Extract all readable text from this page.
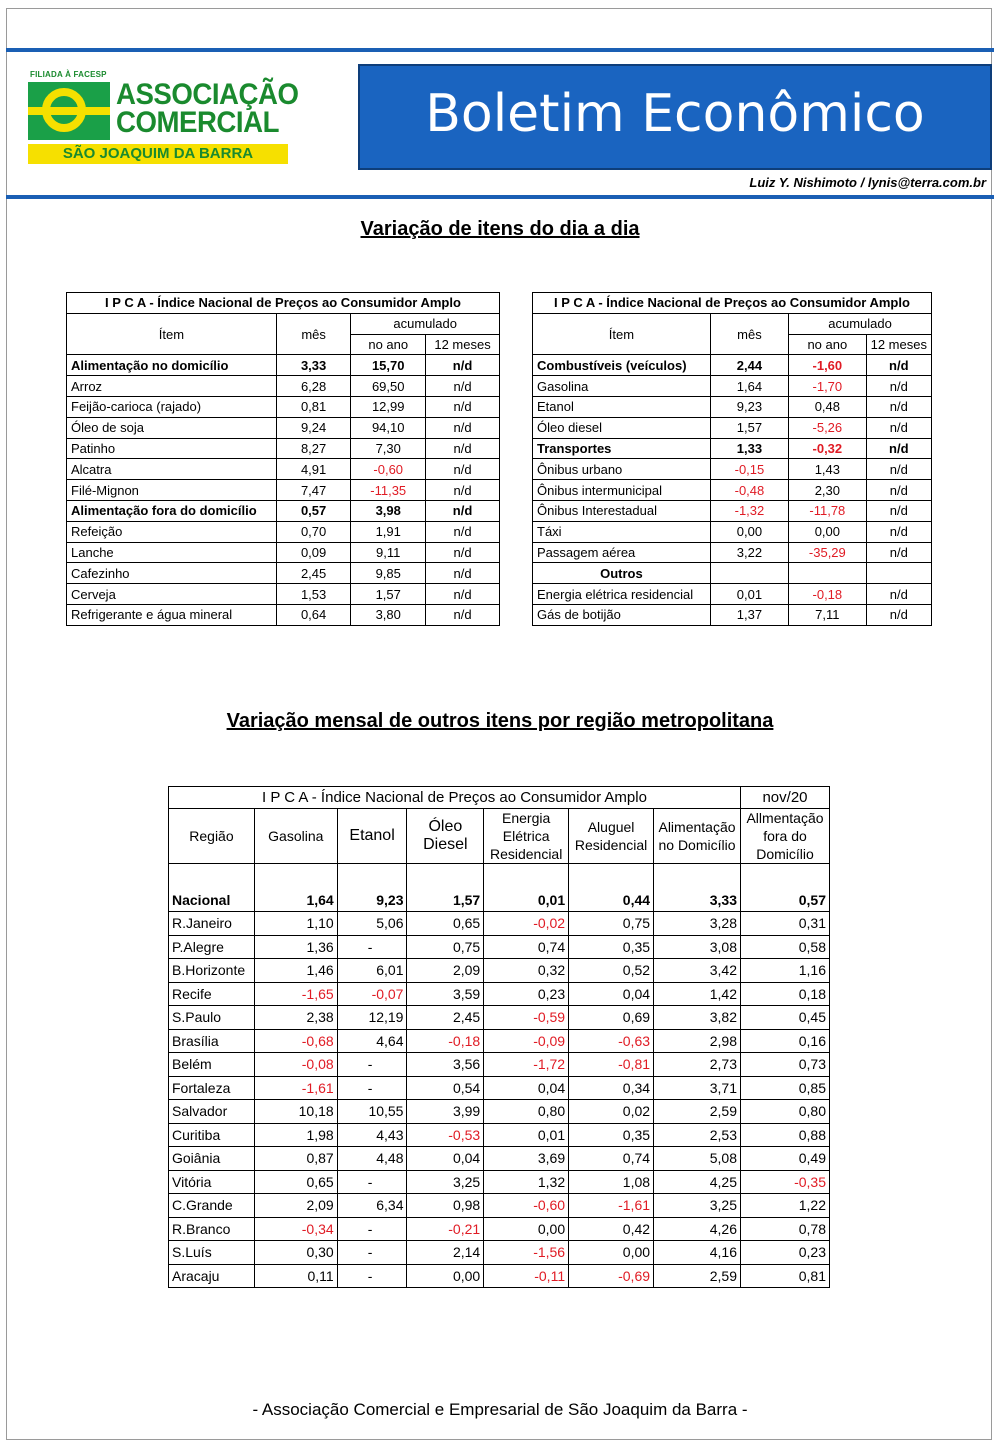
FILIADA À FACESP
ASSOCIAÇÃO
COMERCIAL
SÃO JOAQUIM DA BARRA
Boletim Econômico
Luiz Y. Nishimoto / lynis@terra.com.br
Variação de itens do dia a dia
I P C A - Índice Nacional de Preços ao Consumidor Amplo			
Ítem	mês	acumulado	
		no ano	12 meses
Alimentação no domicílio	3,33	15,70	n/d
Arroz	6,28	69,50	n/d
Feijão-carioca (rajado)	0,81	12,99	n/d
Óleo de soja	9,24	94,10	n/d
Patinho	8,27	7,30	n/d
Alcatra	4,91	-0,60	n/d
Filé-Mignon	7,47	-11,35	n/d
Alimentação fora do domicílio	0,57	3,98	n/d
Refeição	0,70	1,91	n/d
Lanche	0,09	9,11	n/d
Cafezinho	2,45	9,85	n/d
Cerveja	1,53	1,57	n/d
Refrigerante e água mineral	0,64	3,80	n/d
I P C A - Índice Nacional de Preços ao Consumidor Amplo			
Ítem	mês	acumulado	
		no ano	12 meses
Combustíveis (veículos)	2,44	-1,60	n/d
Gasolina	1,64	-1,70	n/d
Etanol	9,23	0,48	n/d
Óleo diesel	1,57	-5,26	n/d
Transportes	1,33	-0,32	n/d
Ônibus urbano	-0,15	1,43	n/d
Ônibus intermunicipal	-0,48	2,30	n/d
Ônibus Interestadual	-1,32	-11,78	n/d
Táxi	0,00	0,00	n/d
Passagem aérea	3,22	-35,29	n/d
Outros			
Energia elétrica residencial	0,01	-0,18	n/d
Gás de botijão	1,37	7,11	n/d
Variação mensal de outros itens por região metropolitana
I P C A - Índice Nacional de Preços ao Consumidor Amplo							nov/20
Região	Gasolina	Etanol	Óleo Diesel	Energia Elétrica Residencial	Aluguel Residencial	Alimentação no Domicílio	Allmentação fora do Domicílio
Nacional	1,64	9,23	1,57	0,01	0,44	3,33	0,57
R.Janeiro	1,10	5,06	0,65	-0,02	0,75	3,28	0,31
P.Alegre	1,36	-	0,75	0,74	0,35	3,08	0,58
B.Horizonte	1,46	6,01	2,09	0,32	0,52	3,42	1,16
Recife	-1,65	-0,07	3,59	0,23	0,04	1,42	0,18
S.Paulo	2,38	12,19	2,45	-0,59	0,69	3,82	0,45
Brasília	-0,68	4,64	-0,18	-0,09	-0,63	2,98	0,16
Belém	-0,08	-	3,56	-1,72	-0,81	2,73	0,73
Fortaleza	-1,61	-	0,54	0,04	0,34	3,71	0,85
Salvador	10,18	10,55	3,99	0,80	0,02	2,59	0,80
Curitiba	1,98	4,43	-0,53	0,01	0,35	2,53	0,88
Goiânia	0,87	4,48	0,04	3,69	0,74	5,08	0,49
Vitória	0,65	-	3,25	1,32	1,08	4,25	-0,35
C.Grande	2,09	6,34	0,98	-0,60	-1,61	3,25	1,22
R.Branco	-0,34	-	-0,21	0,00	0,42	4,26	0,78
S.Luís	0,30	-	2,14	-1,56	0,00	4,16	0,23
Aracaju	0,11	-	0,00	-0,11	-0,69	2,59	0,81
- Associação Comercial e Empresarial de São Joaquim da Barra -
